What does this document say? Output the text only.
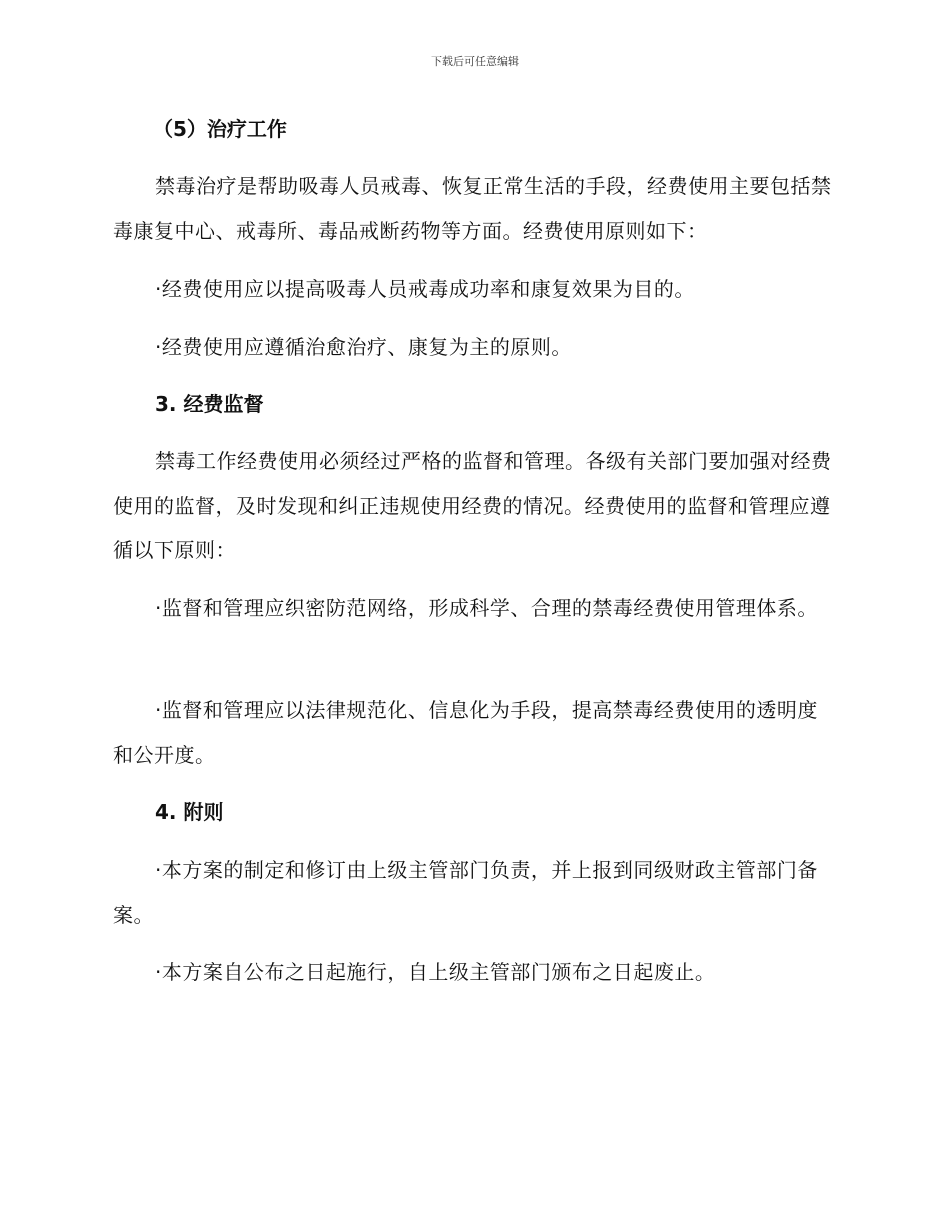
下载后可任意编辑
（5）治疗工作
禁毒治疗是帮助吸毒人员戒毒、恢复正常生活的手段，经费使用主要包括禁毒康复中心、戒毒所、毒品戒断药物等方面。经费使用原则如下：
·经费使用应以提高吸毒人员戒毒成功率和康复效果为目的。
·经费使用应遵循治愈治疗、康复为主的原则。
3. 经费监督
禁毒工作经费使用必须经过严格的监督和管理。各级有关部门要加强对经费使用的监督，及时发现和纠正违规使用经费的情况。经费使用的监督和管理应遵循以下原则：
·监督和管理应织密防范网络，形成科学、合理的禁毒经费使用管理体系。
·监督和管理应以法律规范化、信息化为手段，提高禁毒经费使用的透明度和公开度。
4. 附则
·本方案的制定和修订由上级主管部门负责，并上报到同级财政主管部门备案。
·本方案自公布之日起施行，自上级主管部门颁布之日起废止。
